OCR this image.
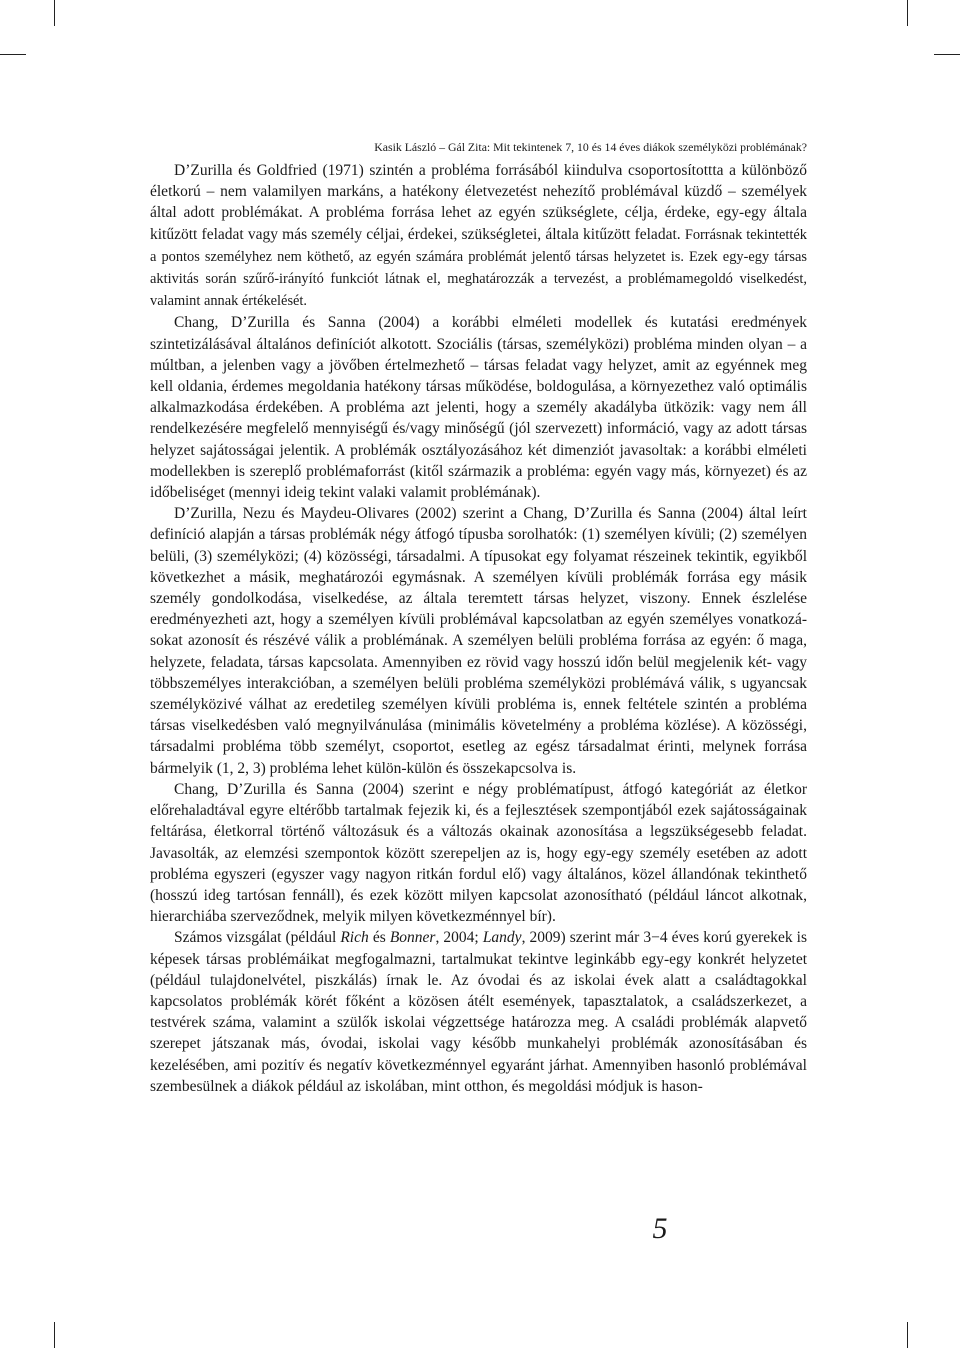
Kasik László – Gál Zita: Mit tekintenek 7, 10 és 14 éves diákok személyközi problémának?

D’Zurilla és Goldfried (1971) szintén a probléma forrásából kiindulva csoportosítottta a különböző életkorú – nem valamilyen markáns, a hatékony életvezetést nehezítő problémával küzdő – személyek által adott problémákat. A probléma forrása lehet az egyén szükséglete, célja, érdeke, egy-egy általa kitűzött feladat vagy más személy céljai, érdekei, szükségletei, általa kitűzött feladat. Forrásnak tekintették a pontos személyhez nem köthető, az egyén számára problémát jelentő társas helyzetet is. Ezek egy-egy társas aktivitás során szűrő-irányító funkciót látnak el, meghatározzák a tervezést, a problémamegoldó viselkedést, valamint annak értékelését.

Chang, D’Zurilla és Sanna (2004) a korábbi elméleti modellek és kutatási eredmények szintetizálásával általános definíciót alkotott. Szociális (társas, személyközi) probléma minden olyan – a múltban, a jelenben vagy a jövőben értelmezhető – társas feladat vagy helyzet, amit az egyénnek meg kell oldania, érdemes megoldania hatékony társas működése, boldogulása, a környezethez való optimális alkalmazkodása érdekében. A probléma azt jelenti, hogy a személy akadályba ütközik: vagy nem áll rendelkezésére megfelelő mennyiségű és/vagy minőségű (jól szervezett) információ, vagy az adott társas helyzet sajátosságai jelentik. A problémák osztályozásához két dimenziót javasoltak: a korábbi elméleti modellekben is szereplő problémaforrást (kitől származik a probléma: egyén vagy más, környezet) és az időbeliséget (mennyi ideig tekint valaki valamit problémának).

D’Zurilla, Nezu és Maydeu-Olivares (2002) szerint a Chang, D’Zurilla és Sanna (2004) által leírt definíció alapján a társas problémák négy átfogó típusba sorolhatók: (1) személyen kívüli; (2) személyen belüli, (3) személyközi; (4) közösségi, társadalmi. A típusokat egy folyamat részeinek tekintik, egyikből következhet a másik, meghatározói egymásnak. A személyen kívüli problémák forrása egy másik személy gondolkodása, viselkedése, az általa teremtett társas helyzet, viszony. Ennek észlelése eredményezheti azt, hogy a személyen kívüli problémával kapcsolatban az egyén személyes vonatkozásokat azonosít és részévé válik a problémának. A személyen belüli probléma forrása az egyén: ő maga, helyzete, feladata, társas kapcsolata. Amennyiben ez rövid vagy hosszú időn belül megjelenik két- vagy többszemélyes interakcióban, a személyen belüli probléma személyközi problémává válik, s ugyancsak személyközivé válhat az eredetileg személyen kívüli probléma is, ennek feltétele szintén a probléma társas viselkedésben való megnyilvánulása (minimális követelmény a probléma közlése). A közösségi, társadalmi probléma több személyt, csoportot, esetleg az egész társadalmat érinti, melynek forrása bármelyik (1, 2, 3) probléma lehet külön-külön és összekapcsolva is.

Chang, D’Zurilla és Sanna (2004) szerint e négy problématípust, átfogó kategóriát az életkor előrehaladtával egyre eltérőbb tartalmak fejezik ki, és a fejlesztések szempontjából ezek sajátosságainak feltárása, életkorral történő változásuk és a változás okainak azonosítása a legszükségesebb feladat. Javasolták, az elemzési szempontok között szerepeljen az is, hogy egy-egy személy esetében az adott probléma egyszeri (egyszer vagy nagyon ritkán fordul elő) vagy általános, közel állandónak tekinthető (hosszú ideg tartósan fennáll), és ezek között milyen kapcsolat azonosítható (például láncot alkotnak, hierarchiába szerveződnek, melyik milyen következménnyel bír).

Számos vizsgálat (például Rich és Bonner, 2004; Landy, 2009) szerint már 3−4 éves korú gyerekek is képesek társas problémáikat megfogalmazni, tartalmukat tekintve leginkább egy-egy konkrét helyzetet (például tulajdonelvétel, piszkálás) írnak le. Az óvodai és az iskolai évek alatt a családtagokkal kapcsolatos problémák körét főként a közösen átélt események, tapasztalatok, a családszerkezet, a testvérek száma, valamint a szülők iskolai végzettsége határozza meg. A családi problémák alapvető szerepet játszanak más, óvodai, iskolai vagy később munkahelyi problémák azonosításában és kezelésében, ami pozitív és negatív következménnyel egyaránt járhat. Amennyiben hasonló problémával szembesülnek a diákok például az iskolában, mint otthon, és megoldási módjuk is hason-

5
